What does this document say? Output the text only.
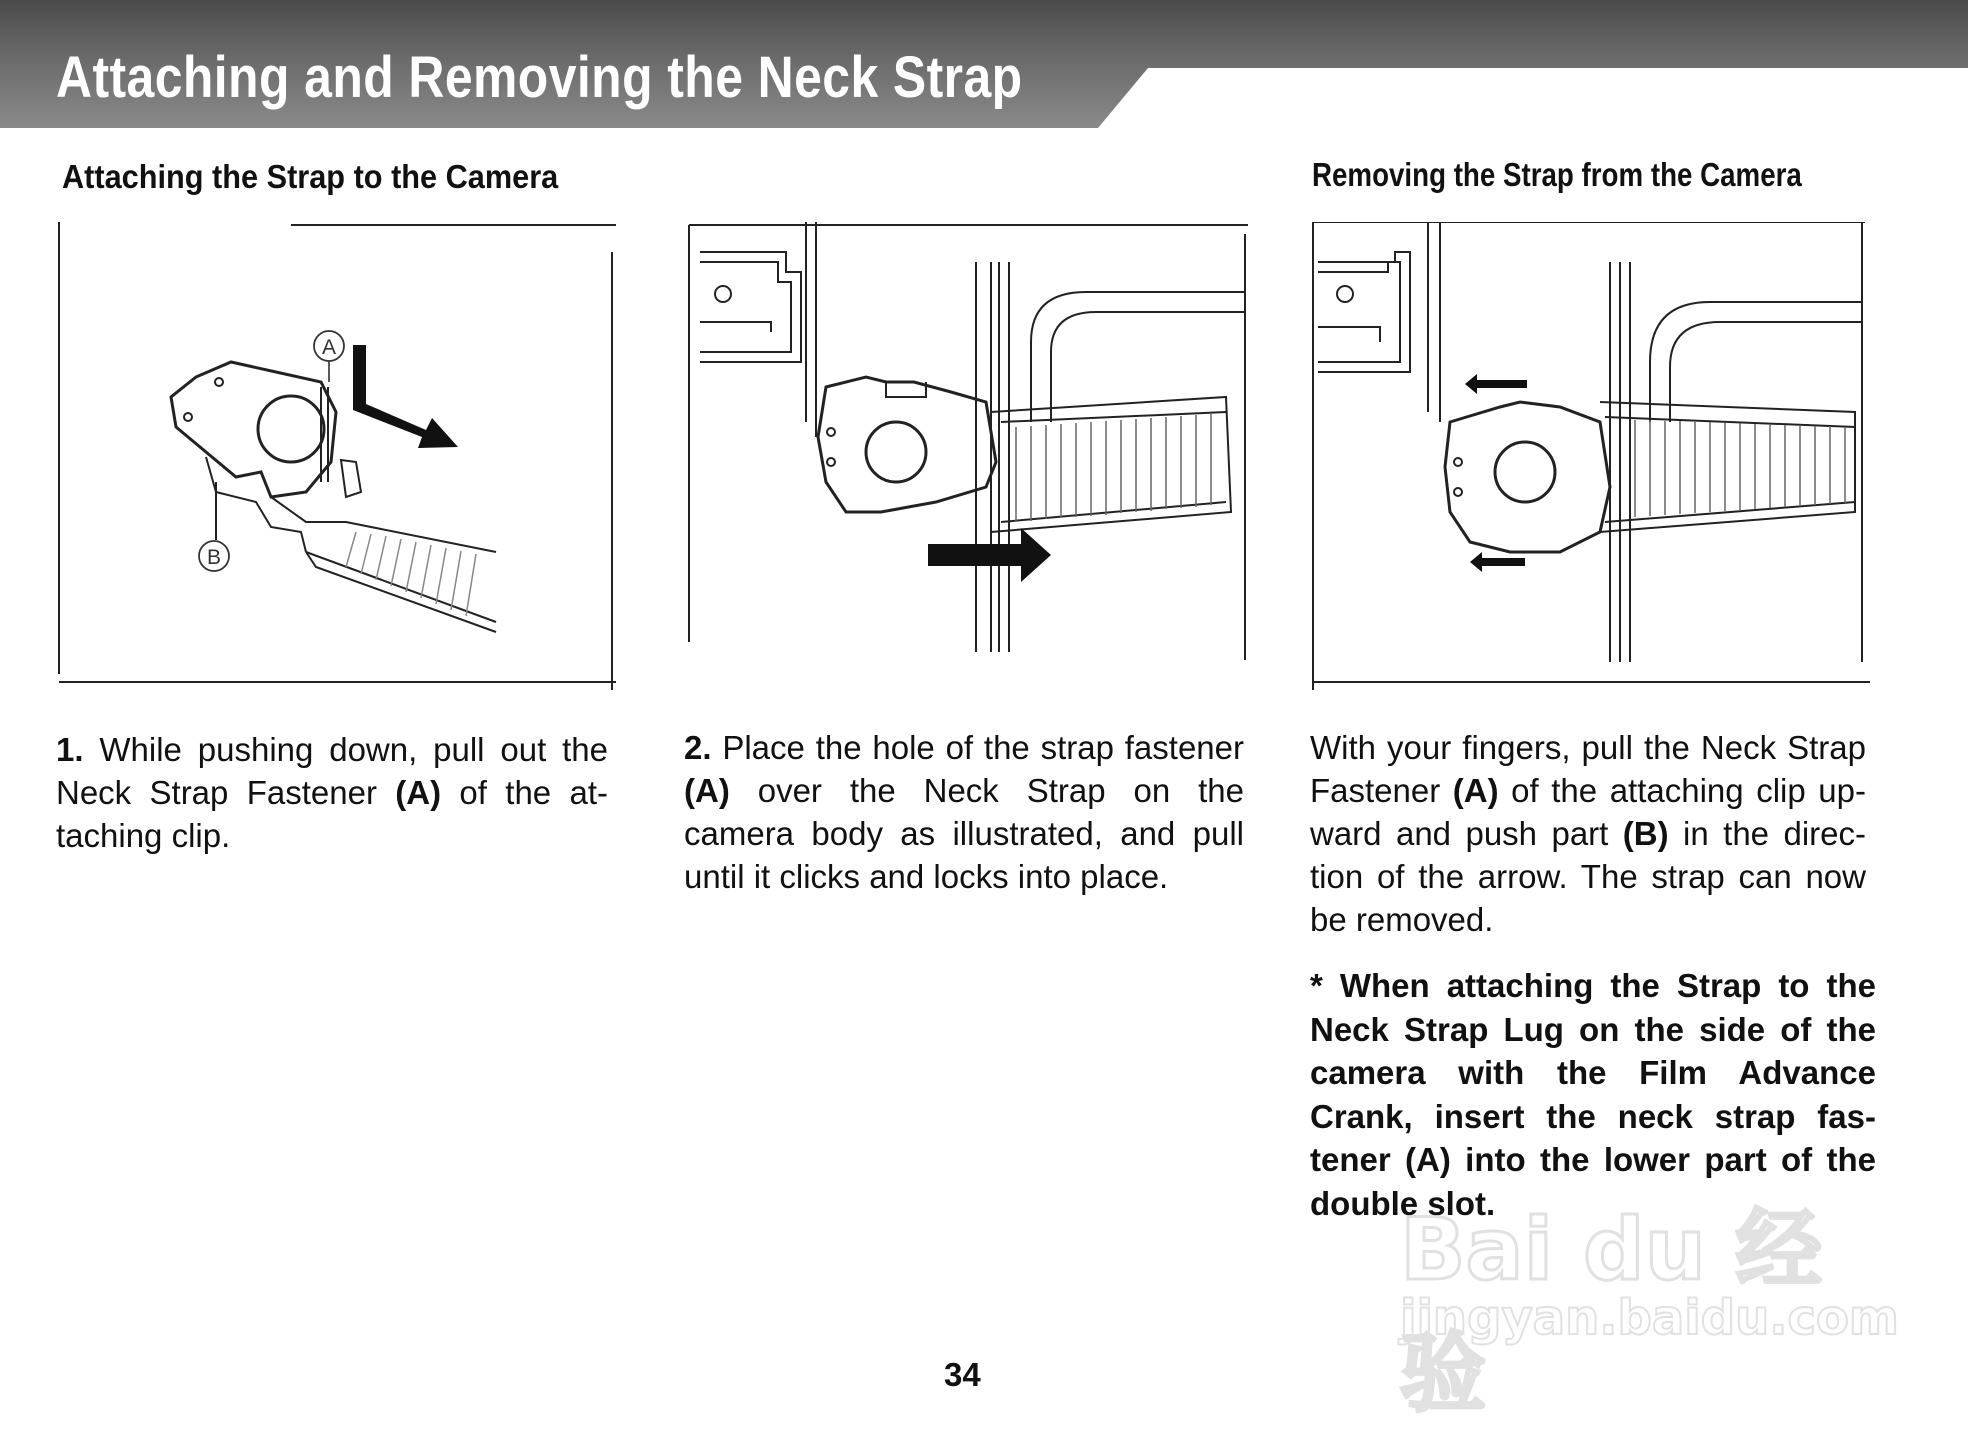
Attaching and Removing the Neck Strap
Attaching the Strap to the Camera	Removing the Strap from the Camera
A
B

1. While pushing down, pull out the Neck Strap Fastener (A) of the attaching clip.

2. Place the hole of the strap fastener (A) over the Neck Strap on the camera body as illustrated, and pull until it clicks and locks into place.

With your fingers, pull the Neck Strap Fastener (A) of the attaching clip upward and push part (B) in the direction of the arrow. The strap can now be removed.

* When attaching the Strap to the Neck Strap Lug on the side of the camera with the Film Advance Crank, insert the neck strap fastener (A) into the lower part of the double slot.

Bai du 经验
jingyan.baidu.com

34
